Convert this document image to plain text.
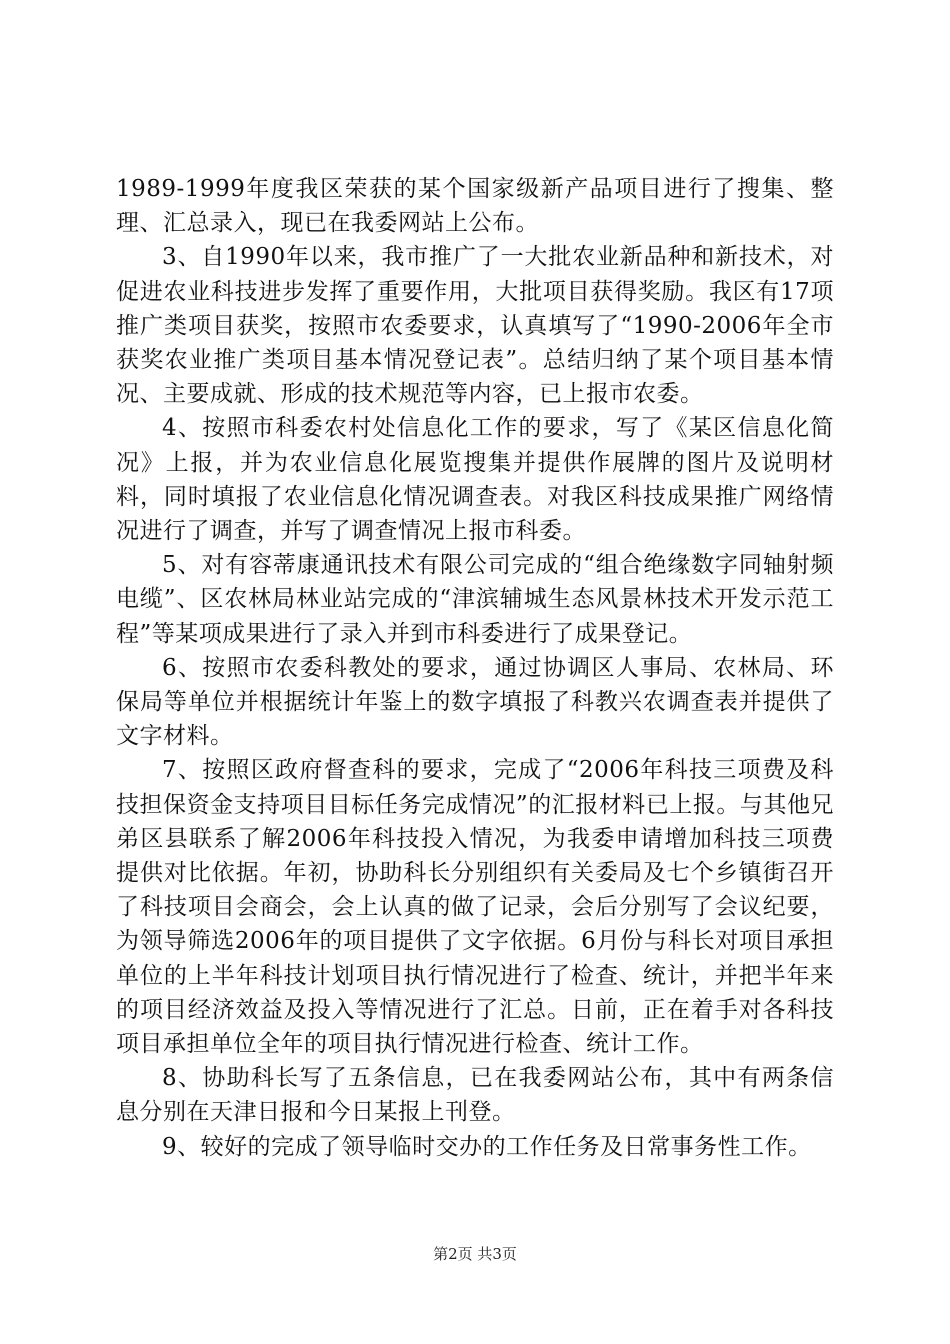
1989-1999年度我区荣获的某个国家级新产品项目进行了搜集、整理、汇总录入，现已在我委网站上公布。

3、自1990年以来，我市推广了一大批农业新品种和新技术，对促进农业科技进步发挥了重要作用，大批项目获得奖励。我区有17项推广类项目获奖，按照市农委要求，认真填写了“1990-2006年全市获奖农业推广类项目基本情况登记表”。总结归纳了某个项目基本情况、主要成就、形成的技术规范等内容，已上报市农委。

4、按照市科委农村处信息化工作的要求，写了《某区信息化简况》上报，并为农业信息化展览搜集并提供作展牌的图片及说明材料，同时填报了农业信息化情况调查表。对我区科技成果推广网络情况进行了调查，并写了调查情况上报市科委。

5、对有容蒂康通讯技术有限公司完成的“组合绝缘数字同轴射频电缆”、区农林局林业站完成的“津滨辅城生态风景林技术开发示范工程”等某项成果进行了录入并到市科委进行了成果登记。

6、按照市农委科教处的要求，通过协调区人事局、农林局、环保局等单位并根据统计年鉴上的数字填报了科教兴农调查表并提供了文字材料。

7、按照区政府督查科的要求，完成了“2006年科技三项费及科技担保资金支持项目目标任务完成情况”的汇报材料已上报。与其他兄弟区县联系了解2006年科技投入情况，为我委申请增加科技三项费提供对比依据。年初，协助科长分别组织有关委局及七个乡镇街召开了科技项目会商会，会上认真的做了记录，会后分别写了会议纪要，为领导筛选2006年的项目提供了文字依据。6月份与科长对项目承担单位的上半年科技计划项目执行情况进行了检查、统计，并把半年来的项目经济效益及投入等情况进行了汇总。日前，正在着手对各科技项目承担单位全年的项目执行情况进行检查、统计工作。

8、协助科长写了五条信息，已在我委网站公布，其中有两条信息分别在天津日报和今日某报上刊登。

9、较好的完成了领导临时交办的工作任务及日常事务性工作。

第2页 共3页
